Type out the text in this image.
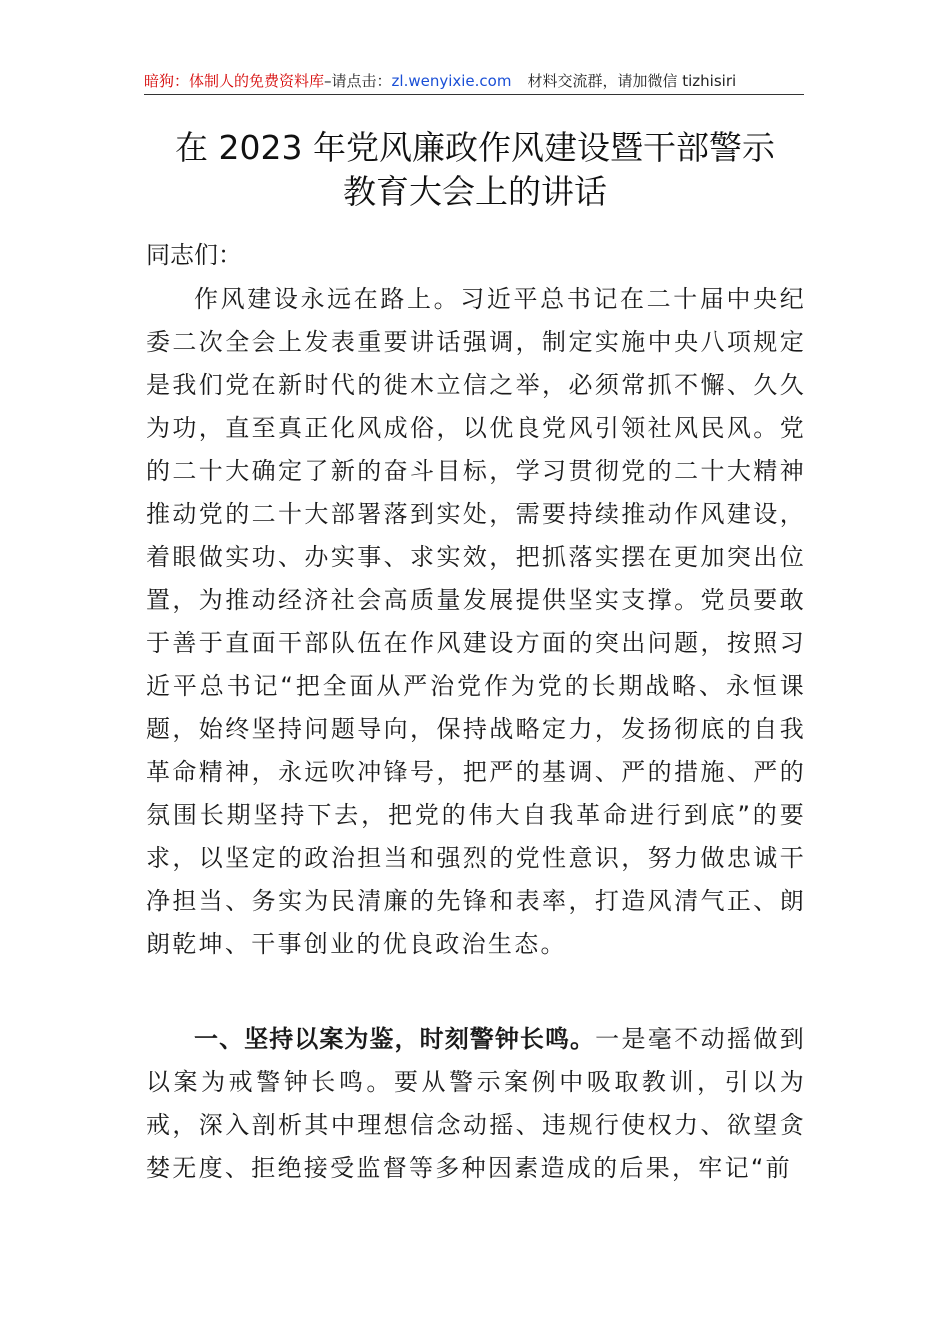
暗狗：体制人的免费资料库–请点击：zl.wenyixie.com 材料交流群，请加微信 tizhisiri
在 2023 年党风廉政作风建设暨干部警示
教育大会上的讲话
同志们：
作风建设永远在路上。习近平总书记在二十届中央纪委二次全会上发表重要讲话强调，制定实施中央八项规定是我们党在新时代的徙木立信之举，必须常抓不懈、久久为功，直至真正化风成俗，以优良党风引领社风民风。党的二十大确定了新的奋斗目标，学习贯彻党的二十大精神推动党的二十大部署落到实处，需要持续推动作风建设，着眼做实功、办实事、求实效，把抓落实摆在更加突出位置，为推动经济社会高质量发展提供坚实支撑。党员要敢于善于直面干部队伍在作风建设方面的突出问题，按照习近平总书记“把全面从严治党作为党的长期战略、永恒课题，始终坚持问题导向，保持战略定力，发扬彻底的自我革命精神，永远吹冲锋号，把严的基调、严的措施、严的氛围长期坚持下去，把党的伟大自我革命进行到底”的要求，以坚定的政治担当和强烈的党性意识，努力做忠诚干净担当、务实为民清廉的先锋和表率，打造风清气正、朗朗乾坤、干事创业的优良政治生态。
一、坚持以案为鉴，时刻警钟长鸣。一是毫不动摇做到以案为戒警钟长鸣。要从警示案例中吸取教训，引以为戒，深入剖析其中理想信念动摇、违规行使权力、欲望贪婪无度、拒绝接受监督等多种因素造成的后果，牢记“前
